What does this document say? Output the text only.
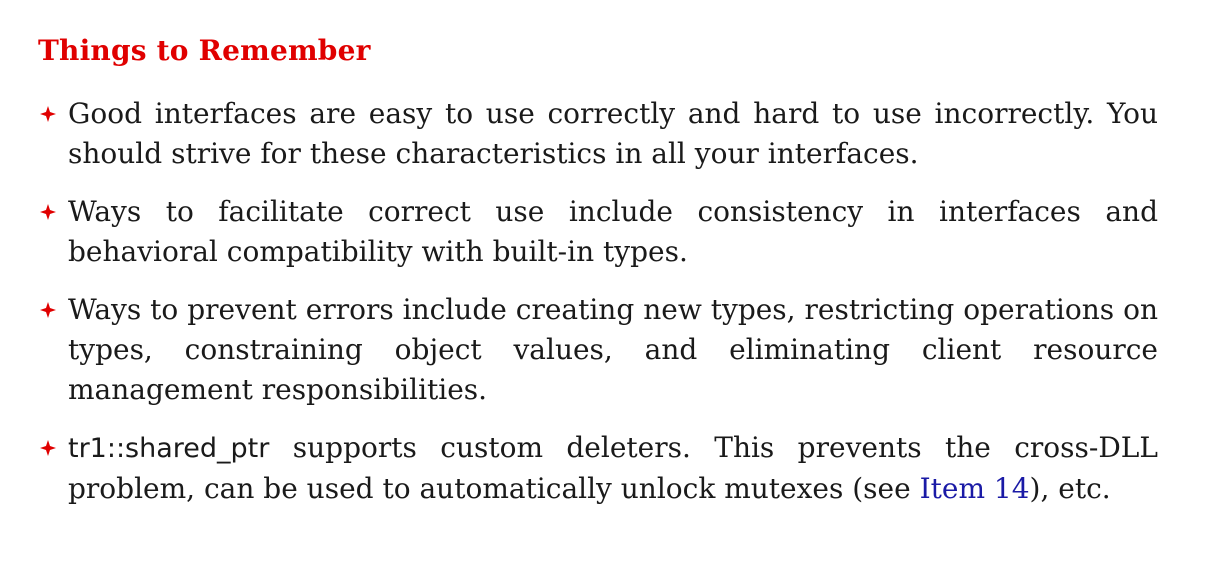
Things to Remember
Good interfaces are easy to use correctly and hard to use incorrectly. You should strive for these characteristics in all your interfaces.
Ways to facilitate correct use include consistency in interfaces and behavioral compatibility with built-in types.
Ways to prevent errors include creating new types, restricting operations on types, constraining object values, and eliminating client resource management responsibilities.
tr1::shared_ptr supports custom deleters. This prevents the cross-DLL problem, can be used to automatically unlock mutexes (see Item 14), etc.
